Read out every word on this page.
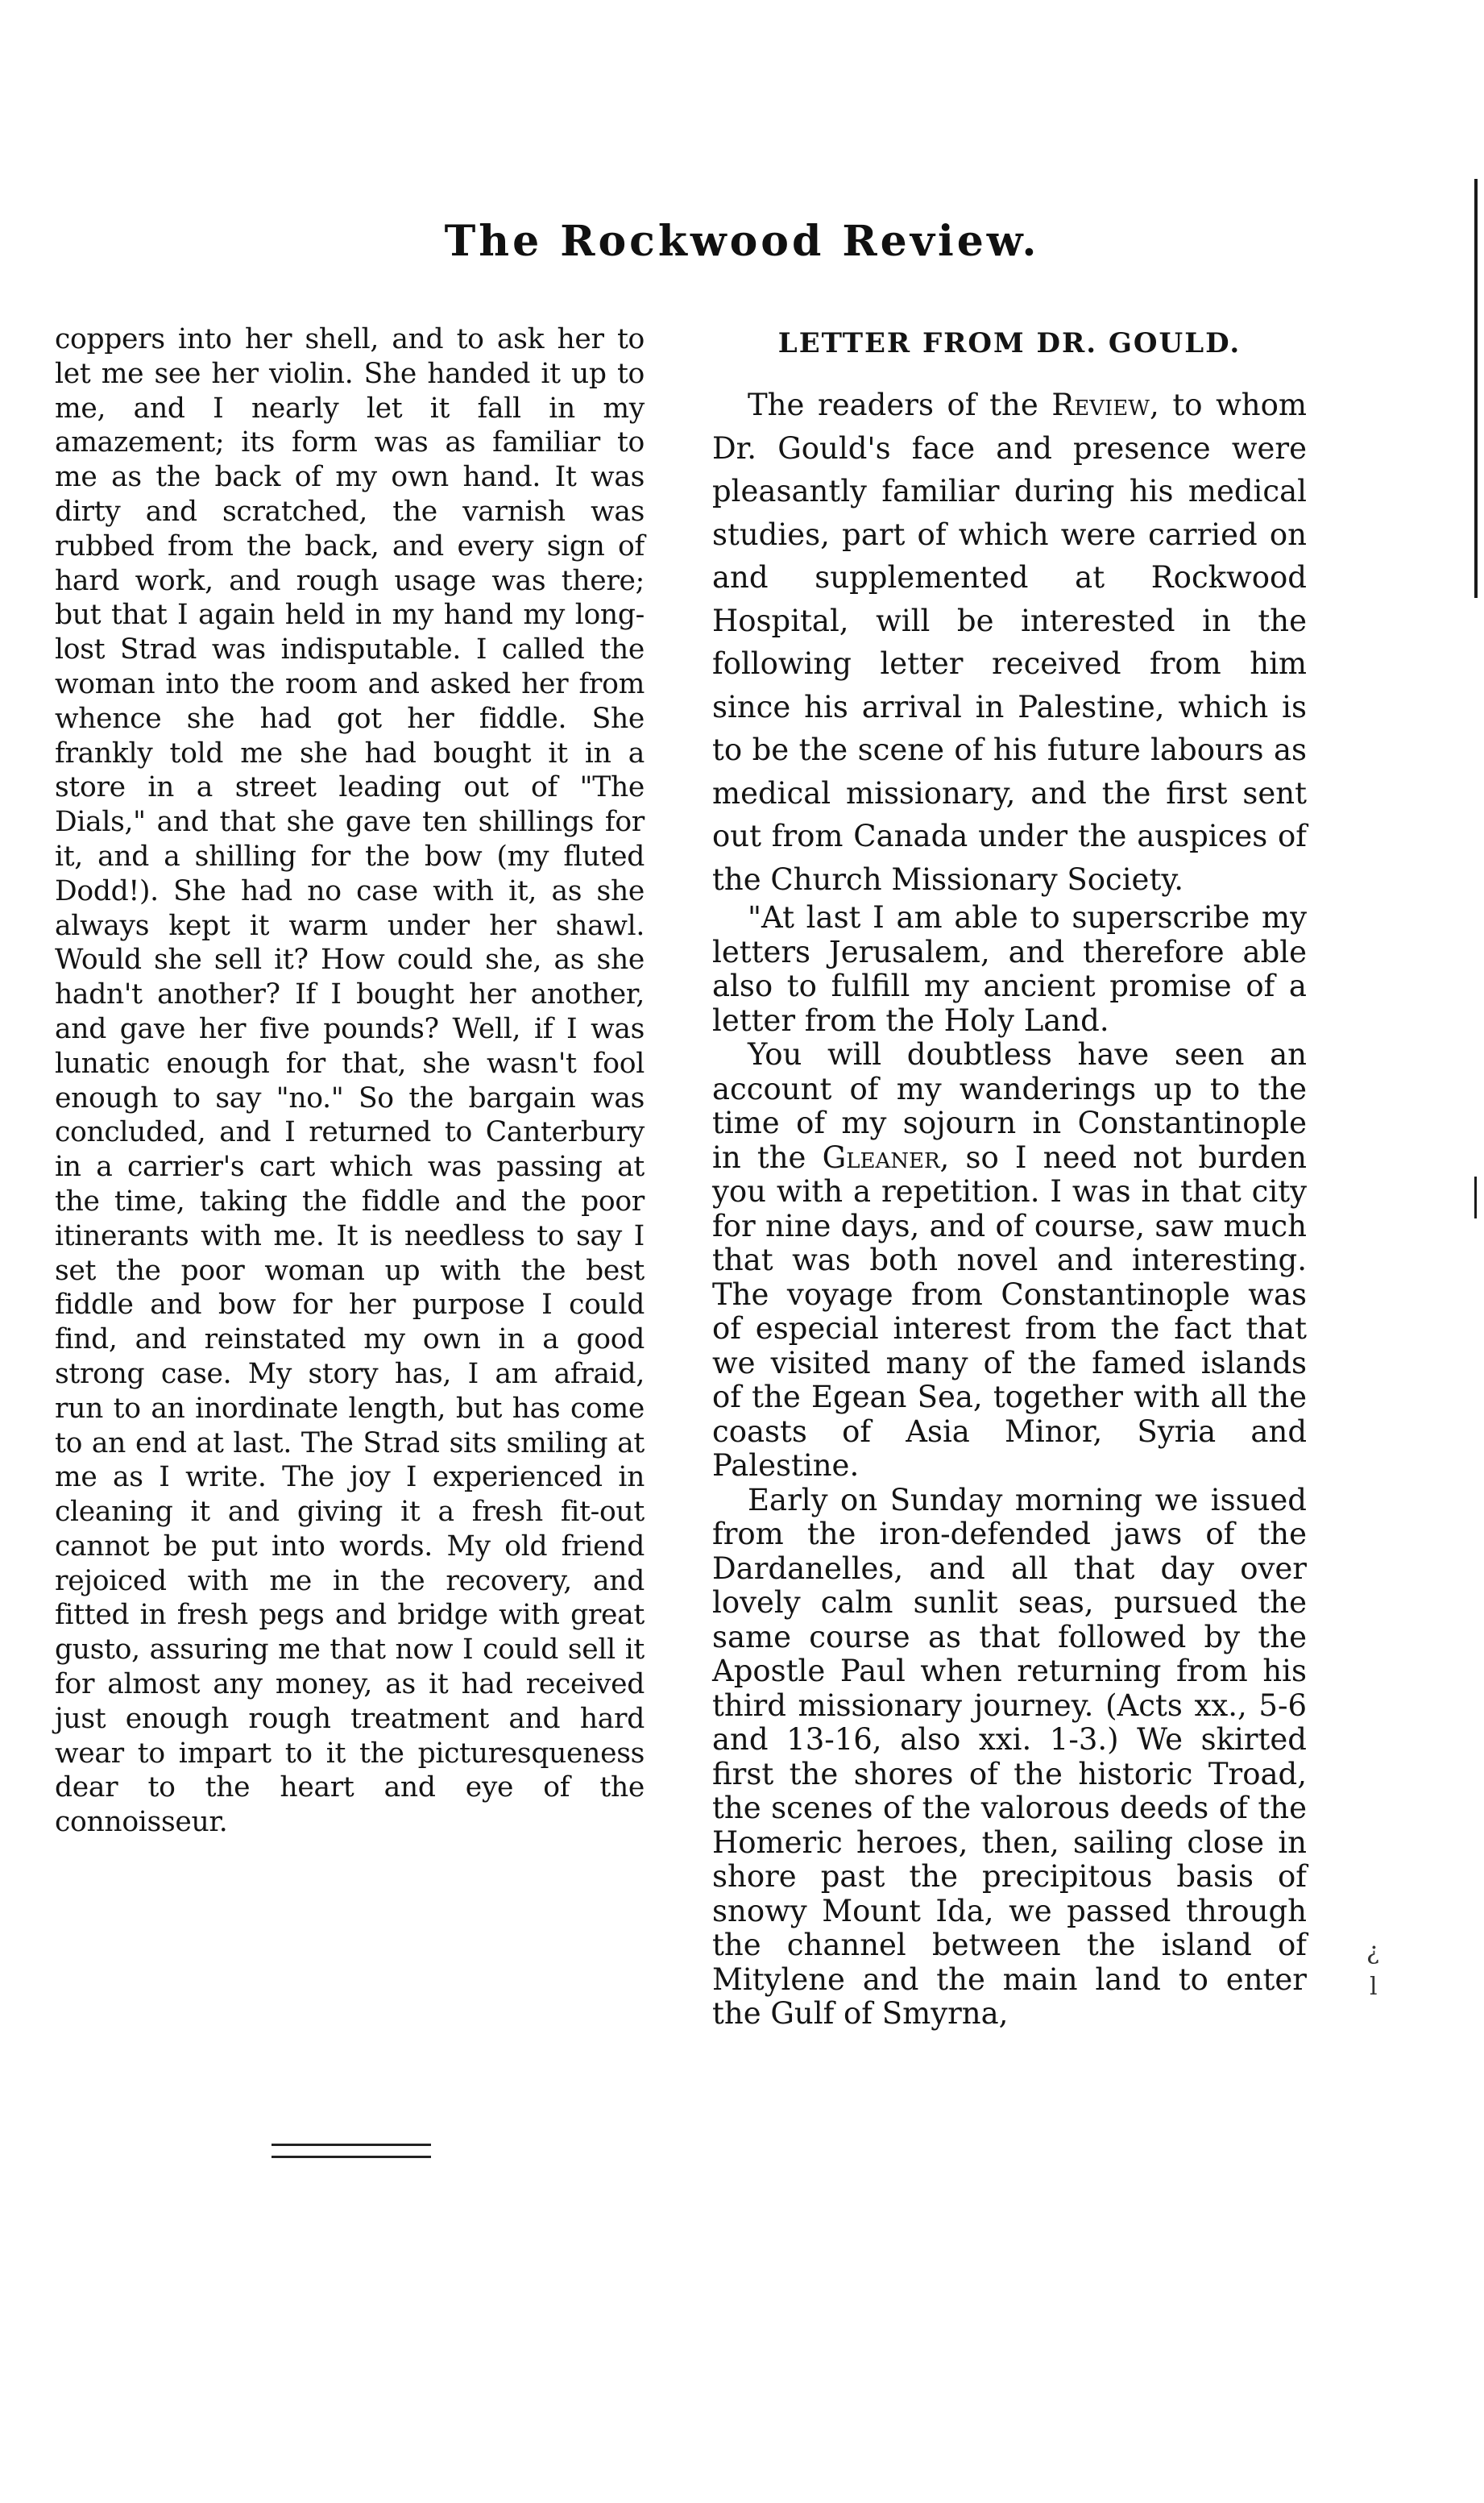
The Rockwood Review.

coppers into her shell, and to ask her to let me see her violin. She handed it up to me, and I nearly let it fall in my amazement; its form was as familiar to me as the back of my own hand. It was dirty and scratched, the varnish was rubbed from the back, and every sign of hard work, and rough usage was there; but that I again held in my hand my long-lost Strad was indisputable. I called the woman into the room and asked her from whence she had got her fiddle. She frankly told me she had bought it in a store in a street leading out of "The Dials," and that she gave ten shillings for it, and a shilling for the bow (my fluted Dodd!). She had no case with it, as she always kept it warm under her shawl. Would she sell it? How could she, as she hadn't another? If I bought her another, and gave her five pounds? Well, if I was lunatic enough for that, she wasn't fool enough to say "no." So the bargain was concluded, and I returned to Canterbury in a carrier's cart which was passing at the time, taking the fiddle and the poor itinerants with me. It is needless to say I set the poor woman up with the best fiddle and bow for her purpose I could find, and reinstated my own in a good strong case. My story has, I am afraid, run to an inordinate length, but has come to an end at last. The Strad sits smiling at me as I write. The joy I experienced in cleaning it and giving it a fresh fit-out cannot be put into words. My old friend rejoiced with me in the recovery, and fitted in fresh pegs and bridge with great gusto, assuring me that now I could sell it for almost any money, as it had received just enough rough treatment and hard wear to impart to it the picturesqueness dear to the heart and eye of the connoisseur.

LETTER FROM DR. GOULD.

The readers of the Review, to whom Dr. Gould's face and presence were pleasantly familiar during his medical studies, part of which were carried on and supplemented at Rockwood Hospital, will be interested in the following letter received from him since his arrival in Palestine, which is to be the scene of his future labours as medical missionary, and the first sent out from Canada under the auspices of the Church Missionary Society.

"At last I am able to superscribe my letters Jerusalem, and therefore able also to fulfill my ancient promise of a letter from the Holy Land.

You will doubtless have seen an account of my wanderings up to the time of my sojourn in Constantinople in the Gleaner, so I need not burden you with a repetition. I was in that city for nine days, and of course, saw much that was both novel and interesting. The voyage from Constantinople was of especial interest from the fact that we visited many of the famed islands of the Egean Sea, together with all the coasts of Asia Minor, Syria and Palestine.

Early on Sunday morning we issued from the iron-defended jaws of the Dardanelles, and all that day over lovely calm sunlit seas, pursued the same course as that followed by the Apostle Paul when returning from his third missionary journey. (Acts xx., 5-6 and 13-16, also xxi. 1-3.) We skirted first the shores of the historic Troad, the scenes of the valorous deeds of the Homeric heroes, then, sailing close in shore past the precipitous basis of snowy Mount Ida, we passed through the channel between the island of Mitylene and the main land to enter the Gulf of Smyrna,

¿
l
